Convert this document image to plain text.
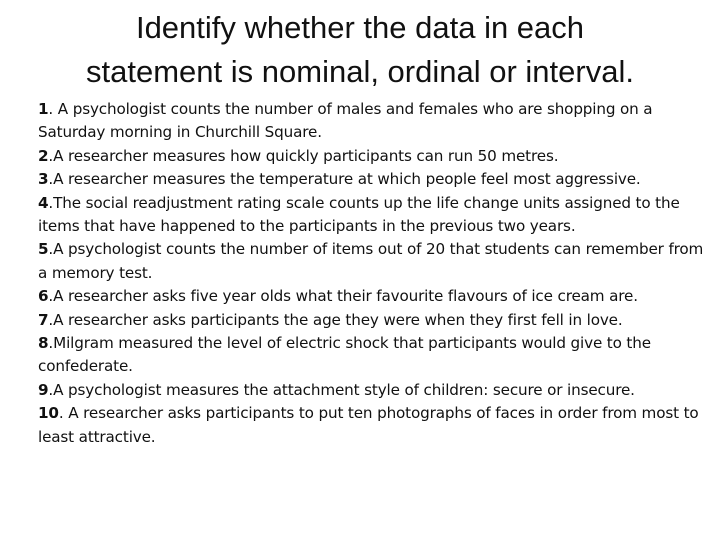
Identify whether the data in each
statement is nominal, ordinal or interval.

1. A psychologist counts the number of males and females who are shopping on a Saturday morning in Churchill Square.

2.A researcher measures how quickly participants can run 50 metres.

3.A researcher measures the temperature at which people feel most aggressive.

4.The social readjustment rating scale counts up the life change units assigned to the items that have happened to the participants in the previous two years.

5.A psychologist counts the number of items out of 20 that students can remember from a memory test.

6.A researcher asks five year olds what their favourite flavours of ice cream are.

7.A researcher asks participants the age they were when they first fell in love.

8.Milgram measured the level of electric shock that participants would give to the confederate.

9.A psychologist measures the attachment style of children: secure or insecure.

10. A researcher asks participants to put ten photographs of faces in order from most to least attractive.
